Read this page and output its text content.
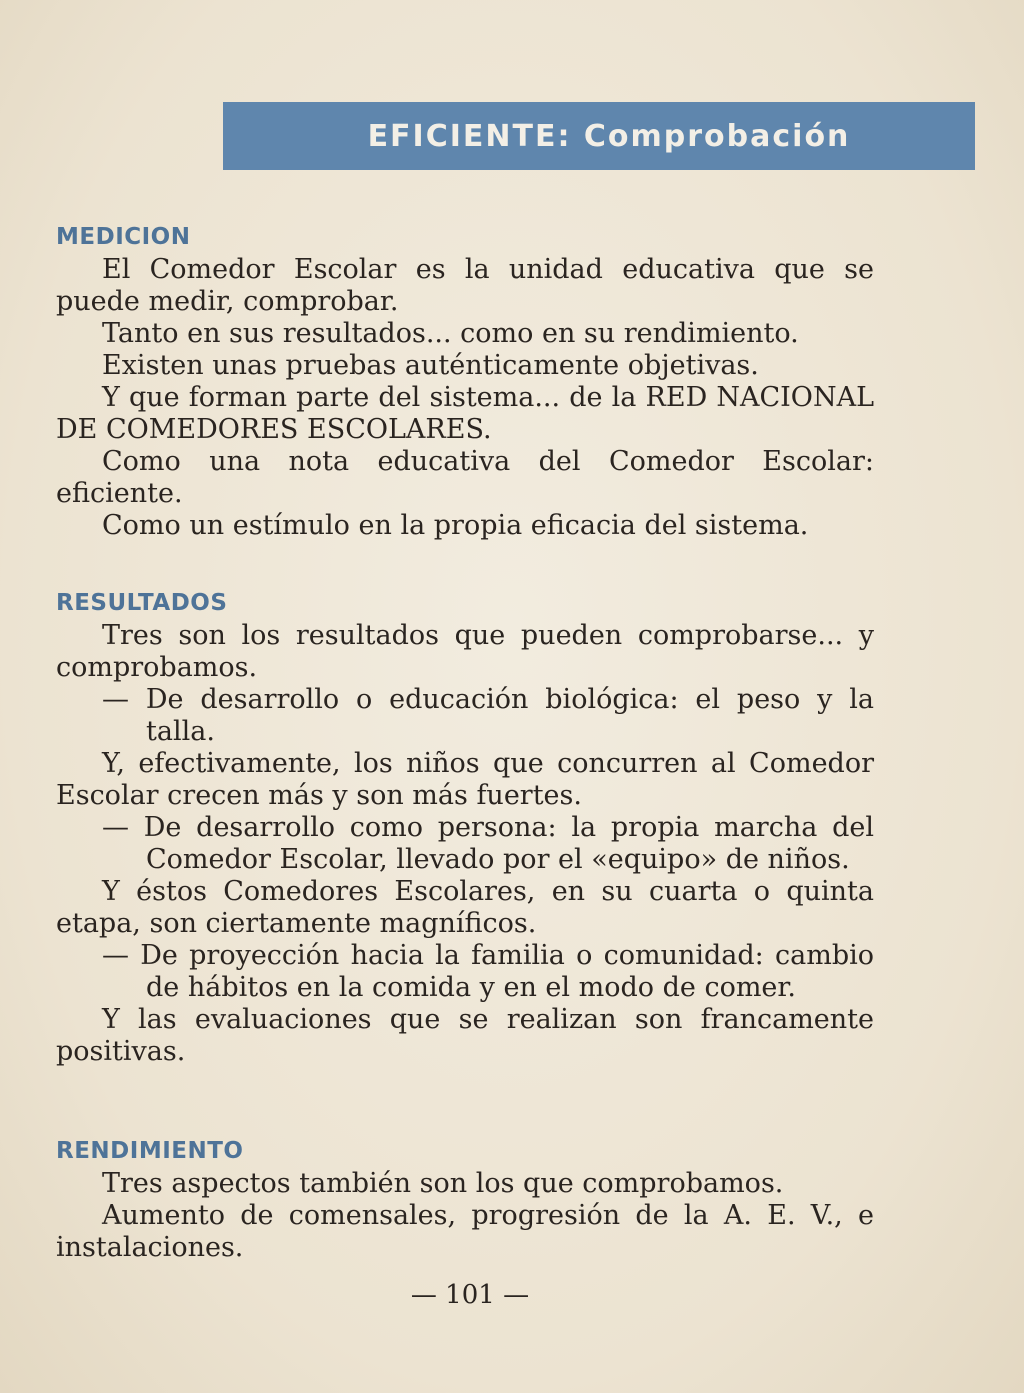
EFICIENTE: Comprobación
MEDICION

El Comedor Escolar es la unidad educativa que se puede medir, comprobar.

Tanto en sus resultados... como en su rendimiento.

Existen unas pruebas auténticamente objetivas.

Y que forman parte del sistema... de la RED NACIONAL DE COMEDORES ESCOLARES.

Como una nota educativa del Comedor Escolar: eficiente.

Como un estímulo en la propia eficacia del sistema.

RESULTADOS

Tres son los resultados que pueden comprobarse... y comprobamos.

— De desarrollo o educación biológica: el peso y la talla.

Y, efectivamente, los niños que concurren al Comedor Escolar crecen más y son más fuertes.

— De desarrollo como persona: la propia marcha del Comedor Escolar, llevado por el «equipo» de niños.

Y éstos Comedores Escolares, en su cuarta o quinta etapa, son ciertamente magníficos.

— De proyección hacia la familia o comunidad: cambio de hábitos en la comida y en el modo de comer.

Y las evaluaciones que se realizan son francamente positivas.

RENDIMIENTO

Tres aspectos también son los que comprobamos.

Aumento de comensales, progresión de la A. E. V., e instalaciones.

— 101 —
